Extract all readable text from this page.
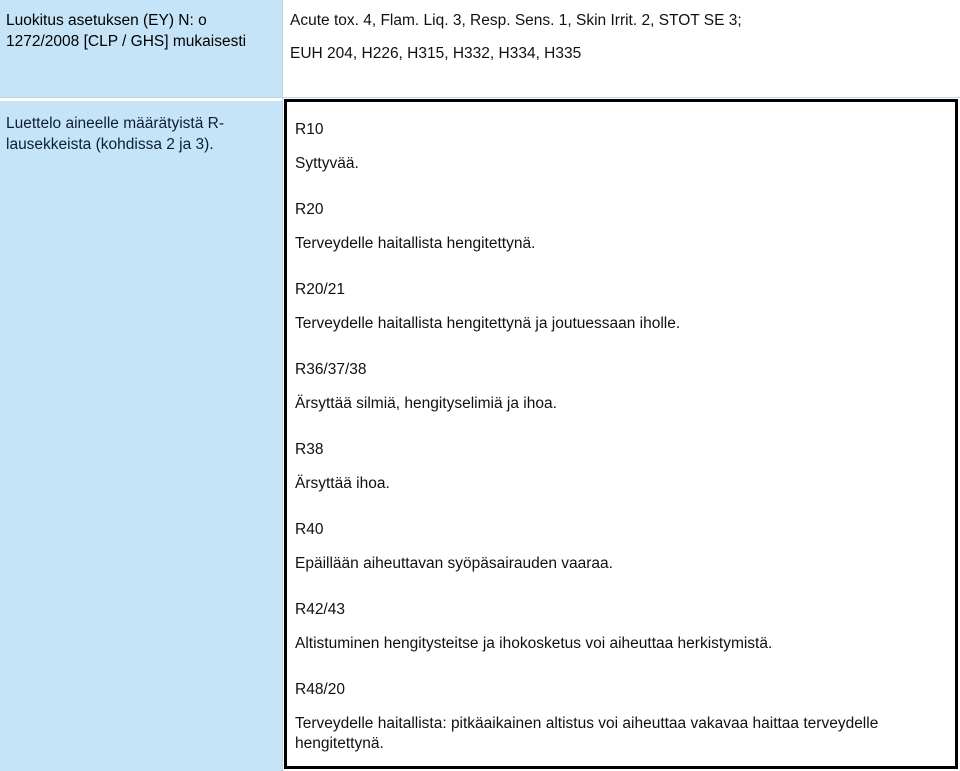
Luokitus asetuksen (EY) N: o 1272/2008 [CLP / GHS] mukaisesti

Acute tox. 4, Flam. Liq. 3, Resp. Sens. 1, Skin Irrit. 2, STOT SE 3;

EUH 204, H226, H315, H332, H334, H335

Luettelo aineelle määrätyistä R-lausekkeista (kohdissa 2 ja 3).
R10
Syttyvää.
R20
Terveydelle haitallista hengitettynä.
R20/21
Terveydelle haitallista hengitettynä ja joutuessaan iholle.
R36/37/38
Ärsyttää silmiä, hengityselimiä ja ihoa.
R38
Ärsyttää ihoa.
R40
Epäillään aiheuttavan syöpäsairauden vaaraa.
R42/43
Altistuminen hengitysteitse ja ihokosketus voi aiheuttaa herkistymistä.
R48/20
Terveydelle haitallista: pitkäaikainen altistus voi aiheuttaa vakavaa haittaa terveydelle hengitettynä.
